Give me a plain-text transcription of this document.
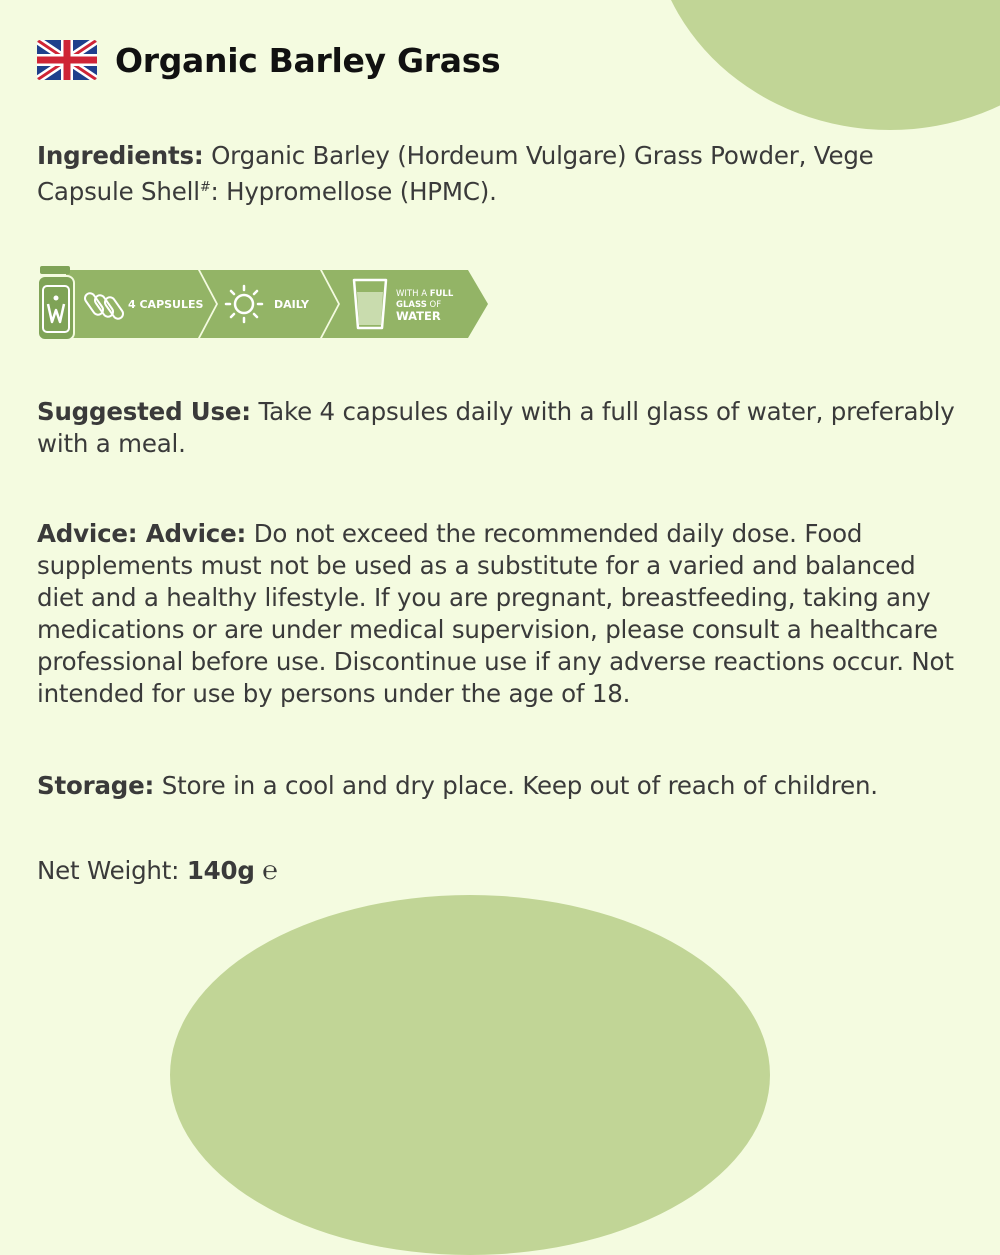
Organic Barley Grass
Ingredients: Organic Barley (Hordeum Vulgare) Grass Powder, Vege Capsule Shell#: Hypromellose (HPMC).
4 CAPSULES	DAILY
WITH A FULL
GLASS OF
WATER
Suggested Use: Take 4 capsules daily with a full glass of water, preferably with a meal.
Advice: Advice: Do not exceed the recommended daily dose. Food supplements must not be used as a substitute for a varied and balanced diet and a healthy lifestyle. If you are pregnant, breastfeeding, taking any medications or are under medical supervision, please consult a healthcare professional before use. Discontinue use if any adverse reactions occur. Not intended for use by persons under the age of 18.
Storage: Store in a cool and dry place. Keep out of reach of children.
Net Weight: 140g ℮
